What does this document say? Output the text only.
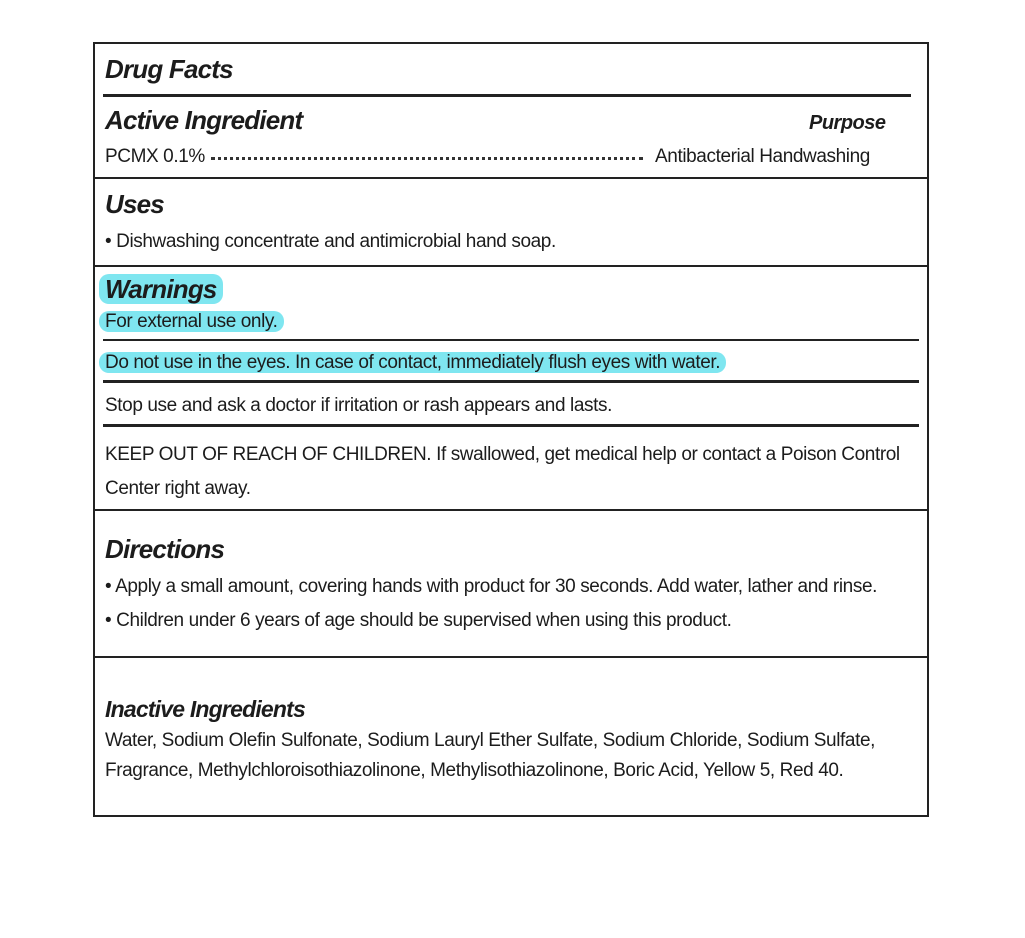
Drug Facts
Active Ingredient	Purpose
PCMX 0.1%	Antibacterial Handwashing
Uses
• Dishwashing concentrate and antimicrobial hand soap.
Warnings
For external use only.
Do not use in the eyes. In case of contact, immediately flush eyes with water.
Stop use and ask a doctor if irritation or rash appears and lasts.
KEEP OUT OF REACH OF CHILDREN. If swallowed, get medical help or contact a Poison Control
Center right away.
Directions
• Apply a small amount, covering hands with product for 30 seconds. Add water, lather and rinse.
• Children under 6 years of age should be supervised when using this product.
Inactive Ingredients
Water, Sodium Olefin Sulfonate, Sodium Lauryl Ether Sulfate, Sodium Chloride, Sodium Sulfate,
Fragrance, Methylchloroisothiazolinone, Methylisothiazolinone, Boric Acid, Yellow 5, Red 40.
